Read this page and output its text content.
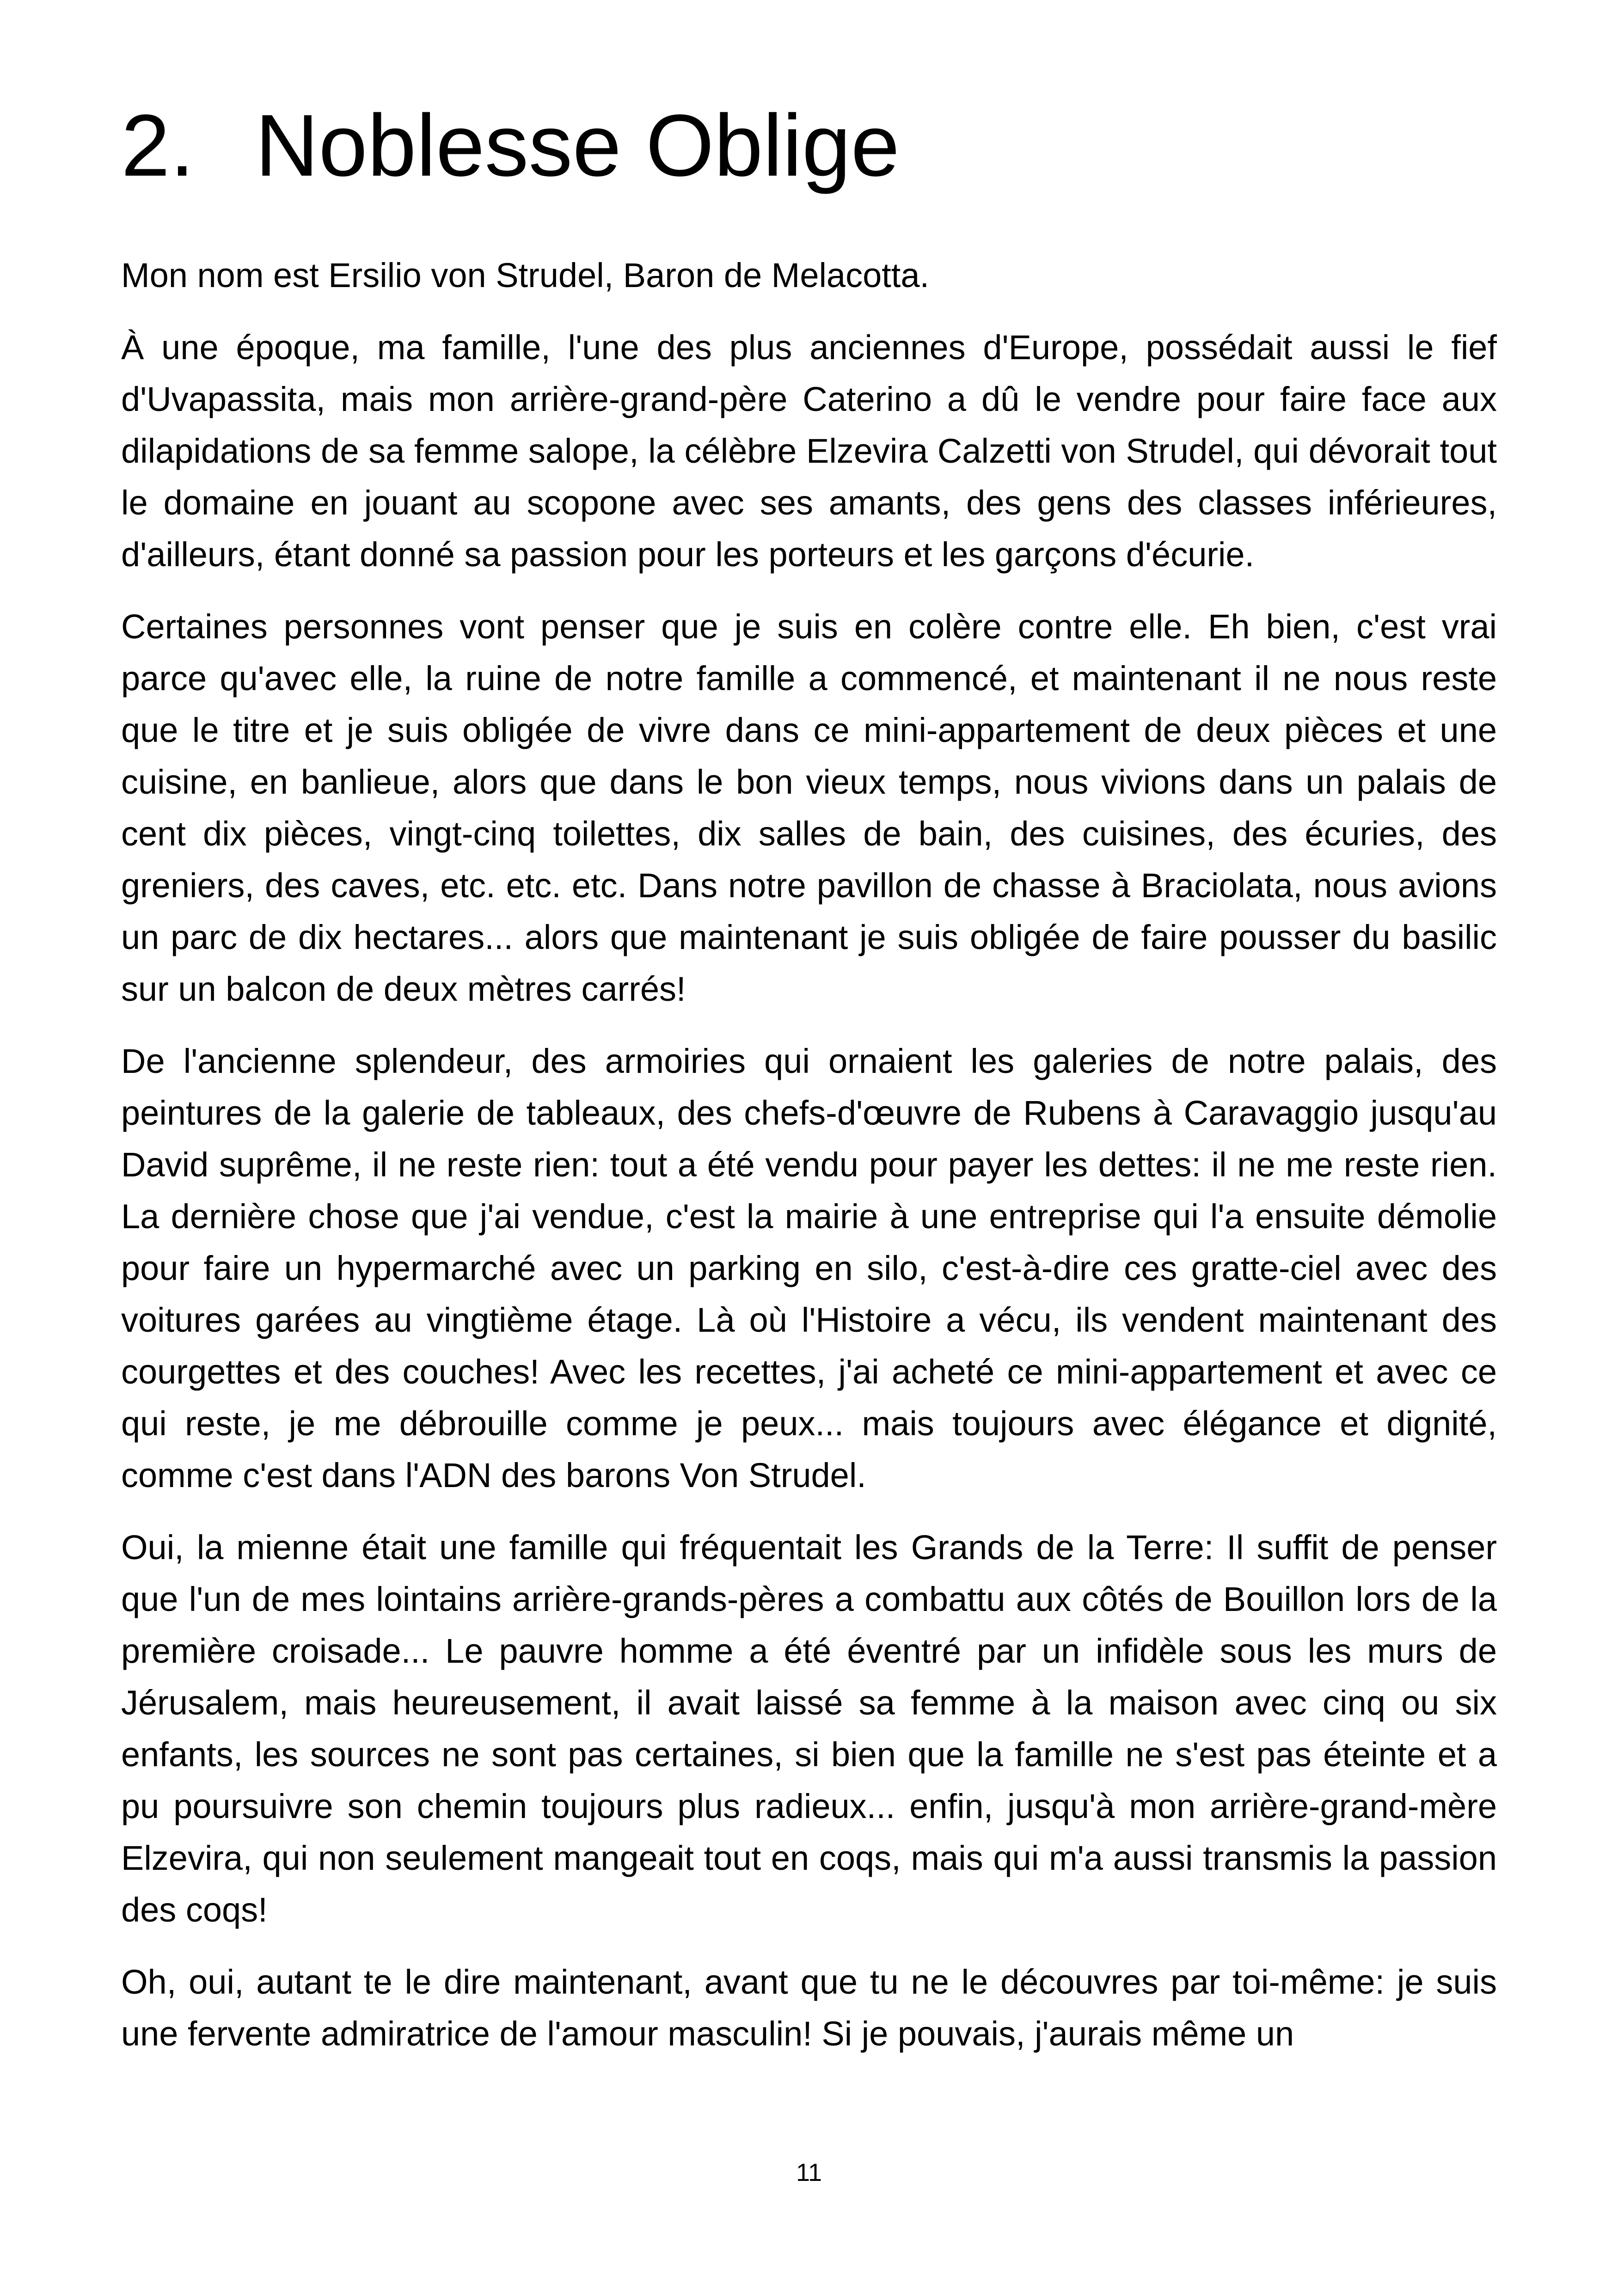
2. Noblesse Oblige

Mon nom est Ersilio von Strudel, Baron de Melacotta.

À une époque, ma famille, l'une des plus anciennes d'Europe, possédait aussi le fief d'Uvapassita, mais mon arrière-grand-père Caterino a dû le vendre pour faire face aux dilapidations de sa femme salope, la célèbre Elzevira Calzetti von Strudel, qui dévorait tout le domaine en jouant au scopone avec ses amants, des gens des classes inférieures, d'ailleurs, étant donné sa passion pour les porteurs et les garçons d'écurie.

Certaines personnes vont penser que je suis en colère contre elle. Eh bien, c'est vrai parce qu'avec elle, la ruine de notre famille a commencé, et maintenant il ne nous reste que le titre et je suis obligée de vivre dans ce mini-appartement de deux pièces et une cuisine, en banlieue, alors que dans le bon vieux temps, nous vivions dans un palais de cent dix pièces, vingt-cinq toilettes, dix salles de bain, des cuisines, des écuries, des greniers, des caves, etc. etc. etc. Dans notre pavillon de chasse à Braciolata, nous avions un parc de dix hectares... alors que maintenant je suis obligée de faire pousser du basilic sur un balcon de deux mètres carrés!

De l'ancienne splendeur, des armoiries qui ornaient les galeries de notre palais, des peintures de la galerie de tableaux, des chefs-d'œuvre de Rubens à Caravaggio jusqu'au David suprême, il ne reste rien: tout a été vendu pour payer les dettes: il ne me reste rien. La dernière chose que j'ai vendue, c'est la mairie à une entreprise qui l'a ensuite démolie pour faire un hypermarché avec un parking en silo, c'est-à-dire ces gratte-ciel avec des voitures garées au vingtième étage. Là où l'Histoire a vécu, ils vendent maintenant des courgettes et des couches! Avec les recettes, j'ai acheté ce mini-appartement et avec ce qui reste, je me débrouille comme je peux... mais toujours avec élégance et dignité, comme c'est dans l'ADN des barons Von Strudel.

Oui, la mienne était une famille qui fréquentait les Grands de la Terre: Il suffit de penser que l'un de mes lointains arrière-grands-pères a combattu aux côtés de Bouillon lors de la première croisade... Le pauvre homme a été éventré par un infidèle sous les murs de Jérusalem, mais heureusement, il avait laissé sa femme à la maison avec cinq ou six enfants, les sources ne sont pas certaines, si bien que la famille ne s'est pas éteinte et a pu poursuivre son chemin toujours plus radieux... enfin, jusqu'à mon arrière-grand-mère Elzevira, qui non seulement mangeait tout en coqs, mais qui m'a aussi transmis la passion des coqs!

Oh, oui, autant te le dire maintenant, avant que tu ne le découvres par toi-même: je suis une fervente admiratrice de l'amour masculin! Si je pouvais, j'aurais même un

11
